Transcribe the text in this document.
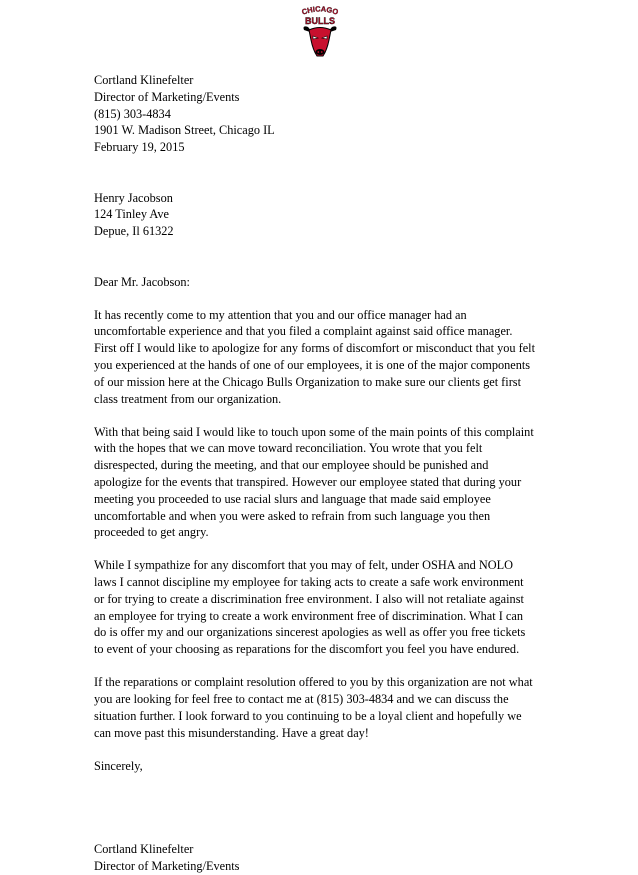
CHICAGO
BULLS
Cortland Klinefelter
Director of Marketing/Events
(815) 303-4834
1901 W. Madison Street, Chicago IL
February 19, 2015
Henry Jacobson
124 Tinley Ave
Depue, Il 61322
Dear Mr. Jacobson:
It has recently come to my attention that you and our office manager had an
uncomfortable experience and that you filed a complaint against said office manager.
First off I would like to apologize for any forms of discomfort or misconduct that you felt
you experienced at the hands of one of our employees, it is one of the major components
of our mission here at the Chicago Bulls Organization to make sure our clients get first
class treatment from our organization.
With that being said I would like to touch upon some of the main points of this complaint
with the hopes that we can move toward reconciliation. You wrote that you felt
disrespected, during the meeting, and that our employee should be punished and
apologize for the events that transpired. However our employee stated that during your
meeting you proceeded to use racial slurs and language that made said employee
uncomfortable and when you were asked to refrain from such language you then
proceeded to get angry.
While I sympathize for any discomfort that you may of felt, under OSHA and NOLO
laws I cannot discipline my employee for taking acts to create a safe work environment
or for trying to create a discrimination free environment. I also will not retaliate against
an employee for trying to create a work environment free of discrimination. What I can
do is offer my and our organizations sincerest apologies as well as offer you free tickets
to event of your choosing as reparations for the discomfort you feel you have endured.
If the reparations or complaint resolution offered to you by this organization are not what
you are looking for feel free to contact me at (815) 303-4834 and we can discuss the
situation further. I look forward to you continuing to be a loyal client and hopefully we
can move past this misunderstanding. Have a great day!
Sincerely,
Cortland Klinefelter
Director of Marketing/Events
